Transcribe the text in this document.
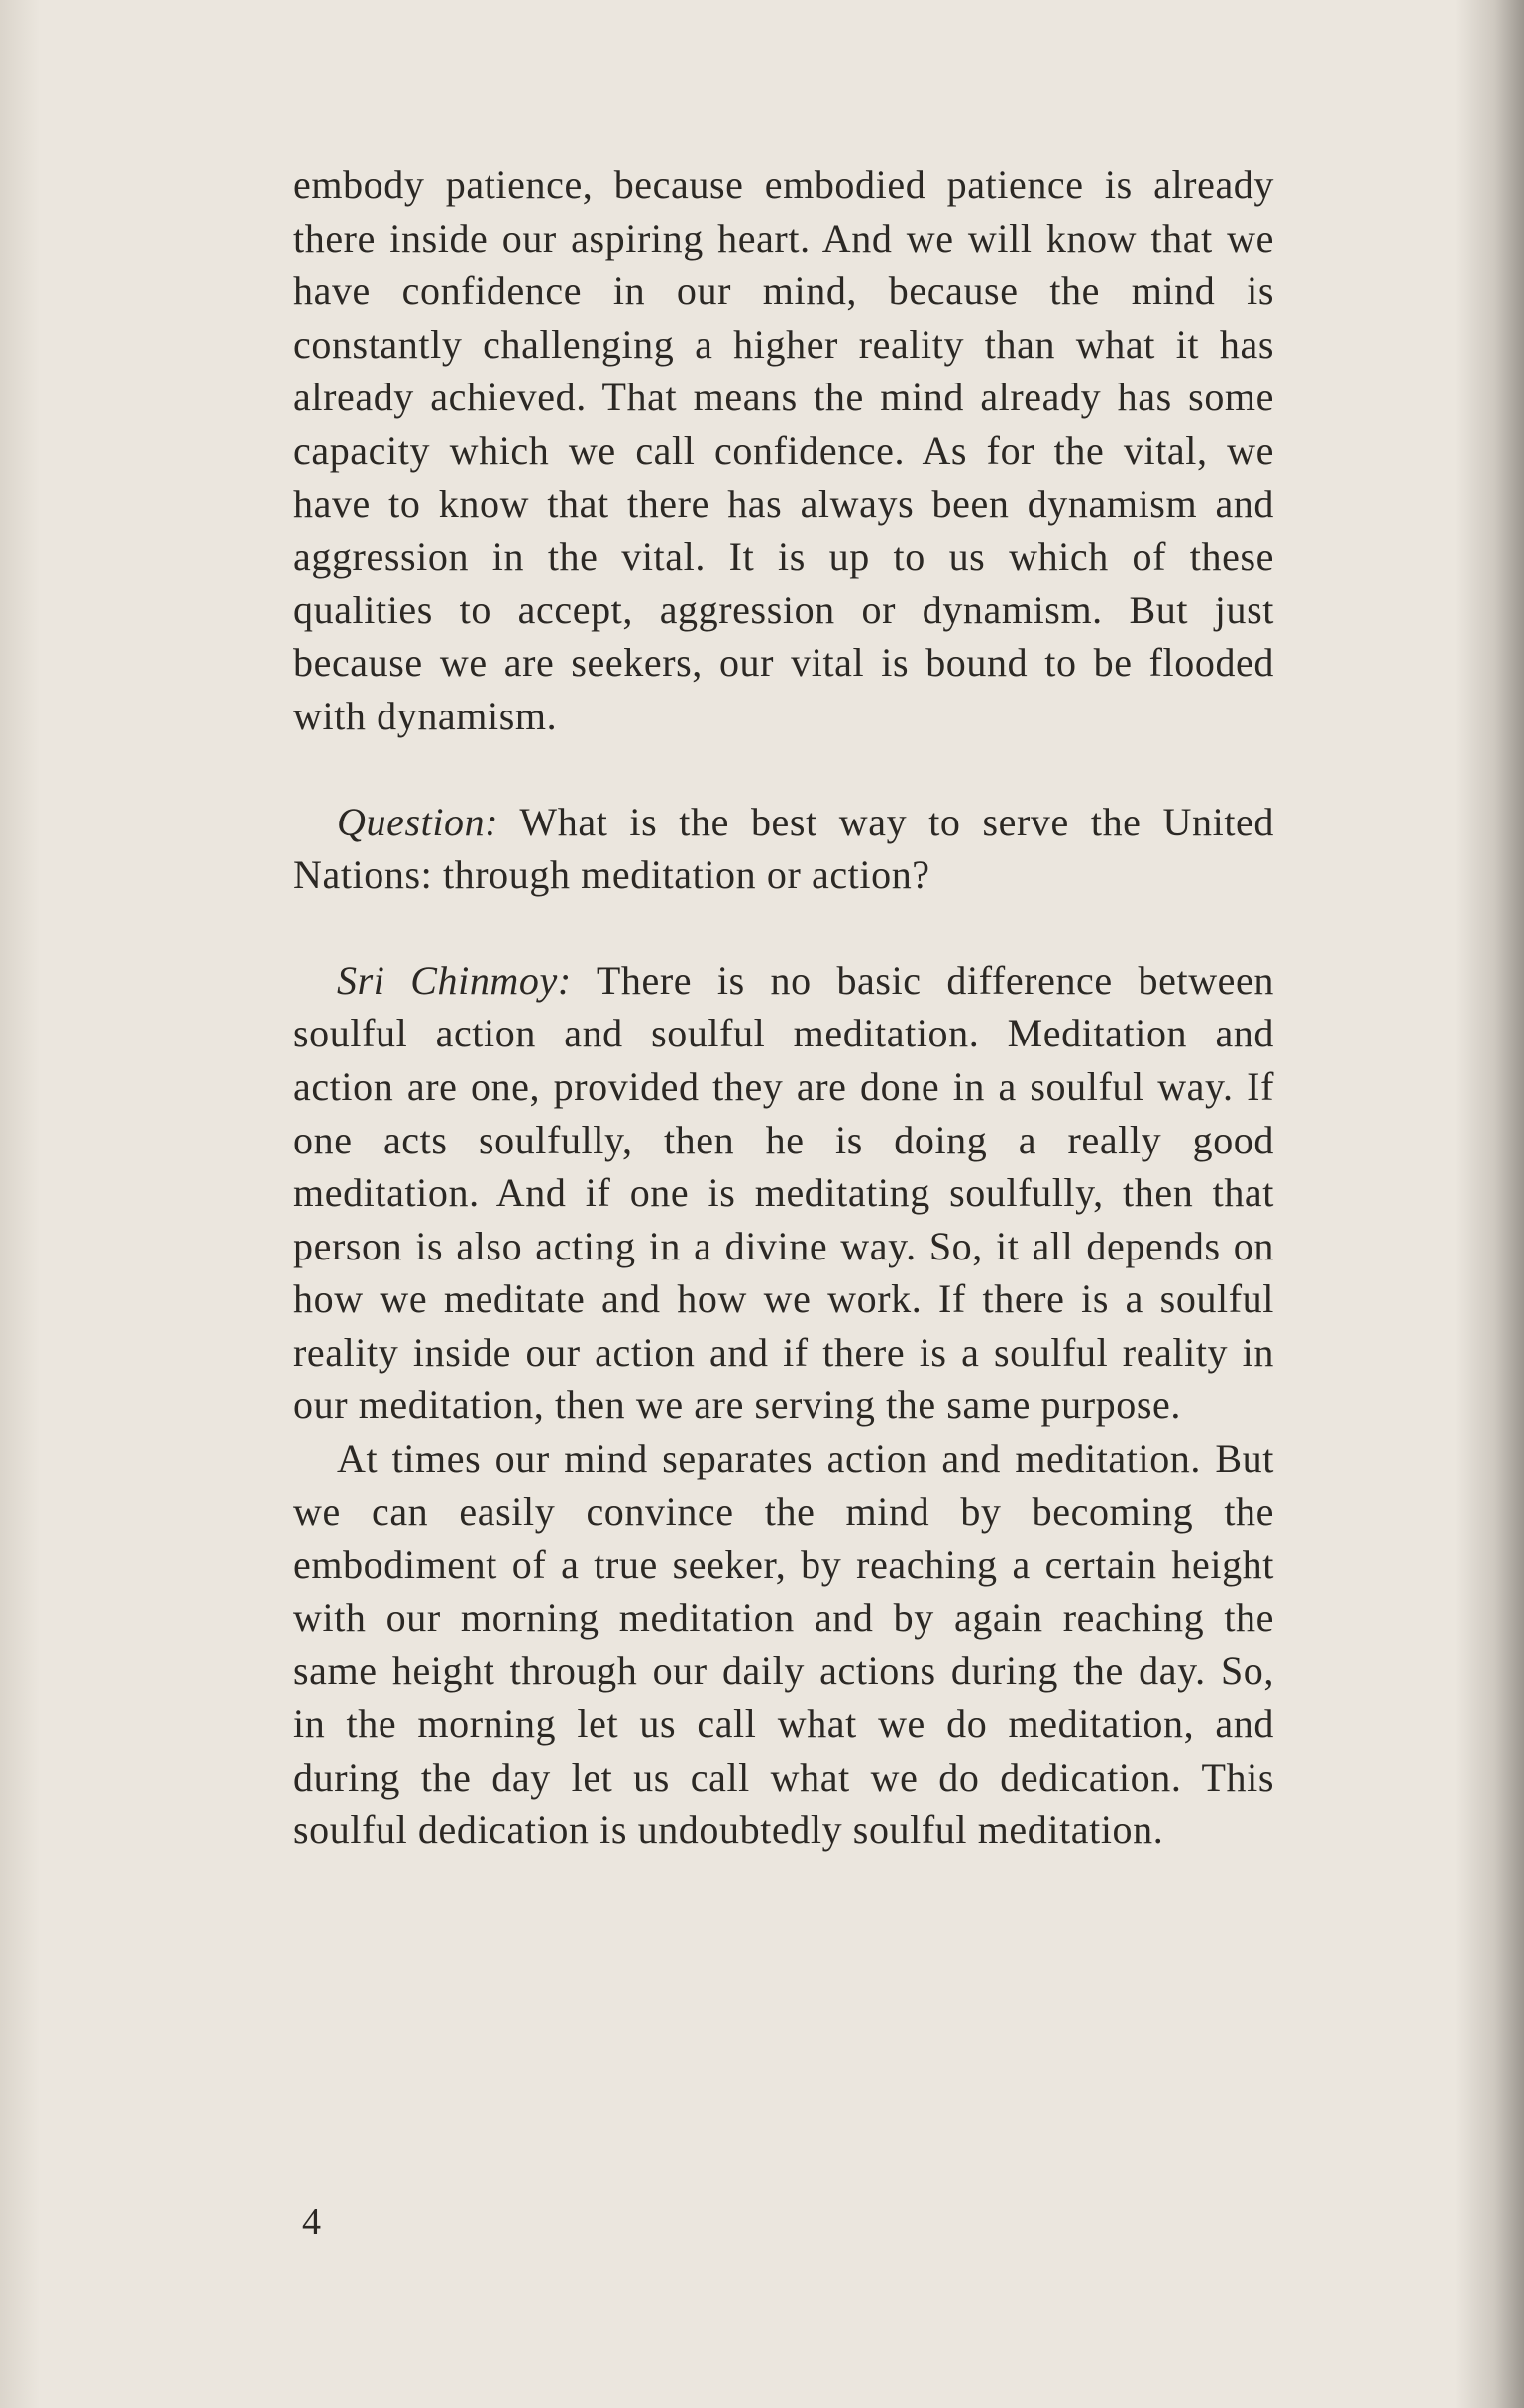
embody patience, because embodied patience is already there inside our aspiring heart. And we will know that we have confidence in our mind, because the mind is constantly challenging a higher reality than what it has already achieved. That means the mind already has some capacity which we call confidence. As for the vital, we have to know that there has always been dynamism and aggression in the vital. It is up to us which of these qualities to accept, aggression or dynamism. But just because we are seekers, our vital is bound to be flooded with dynamism.

Question: What is the best way to serve the United Nations: through meditation or action?

Sri Chinmoy: There is no basic difference between soulful action and soulful meditation. Meditation and action are one, provided they are done in a soulful way. If one acts soulfully, then he is doing a really good meditation. And if one is meditating soulfully, then that person is also acting in a divine way. So, it all depends on how we meditate and how we work. If there is a soulful reality inside our action and if there is a soulful reality in our meditation, then we are serving the same purpose.

At times our mind separates action and meditation. But we can easily convince the mind by becoming the embodiment of a true seeker, by reaching a certain height with our morning meditation and by again reaching the same height through our daily actions during the day. So, in the morning let us call what we do meditation, and during the day let us call what we do dedication. This soulful dedication is undoubtedly soulful meditation.

4
